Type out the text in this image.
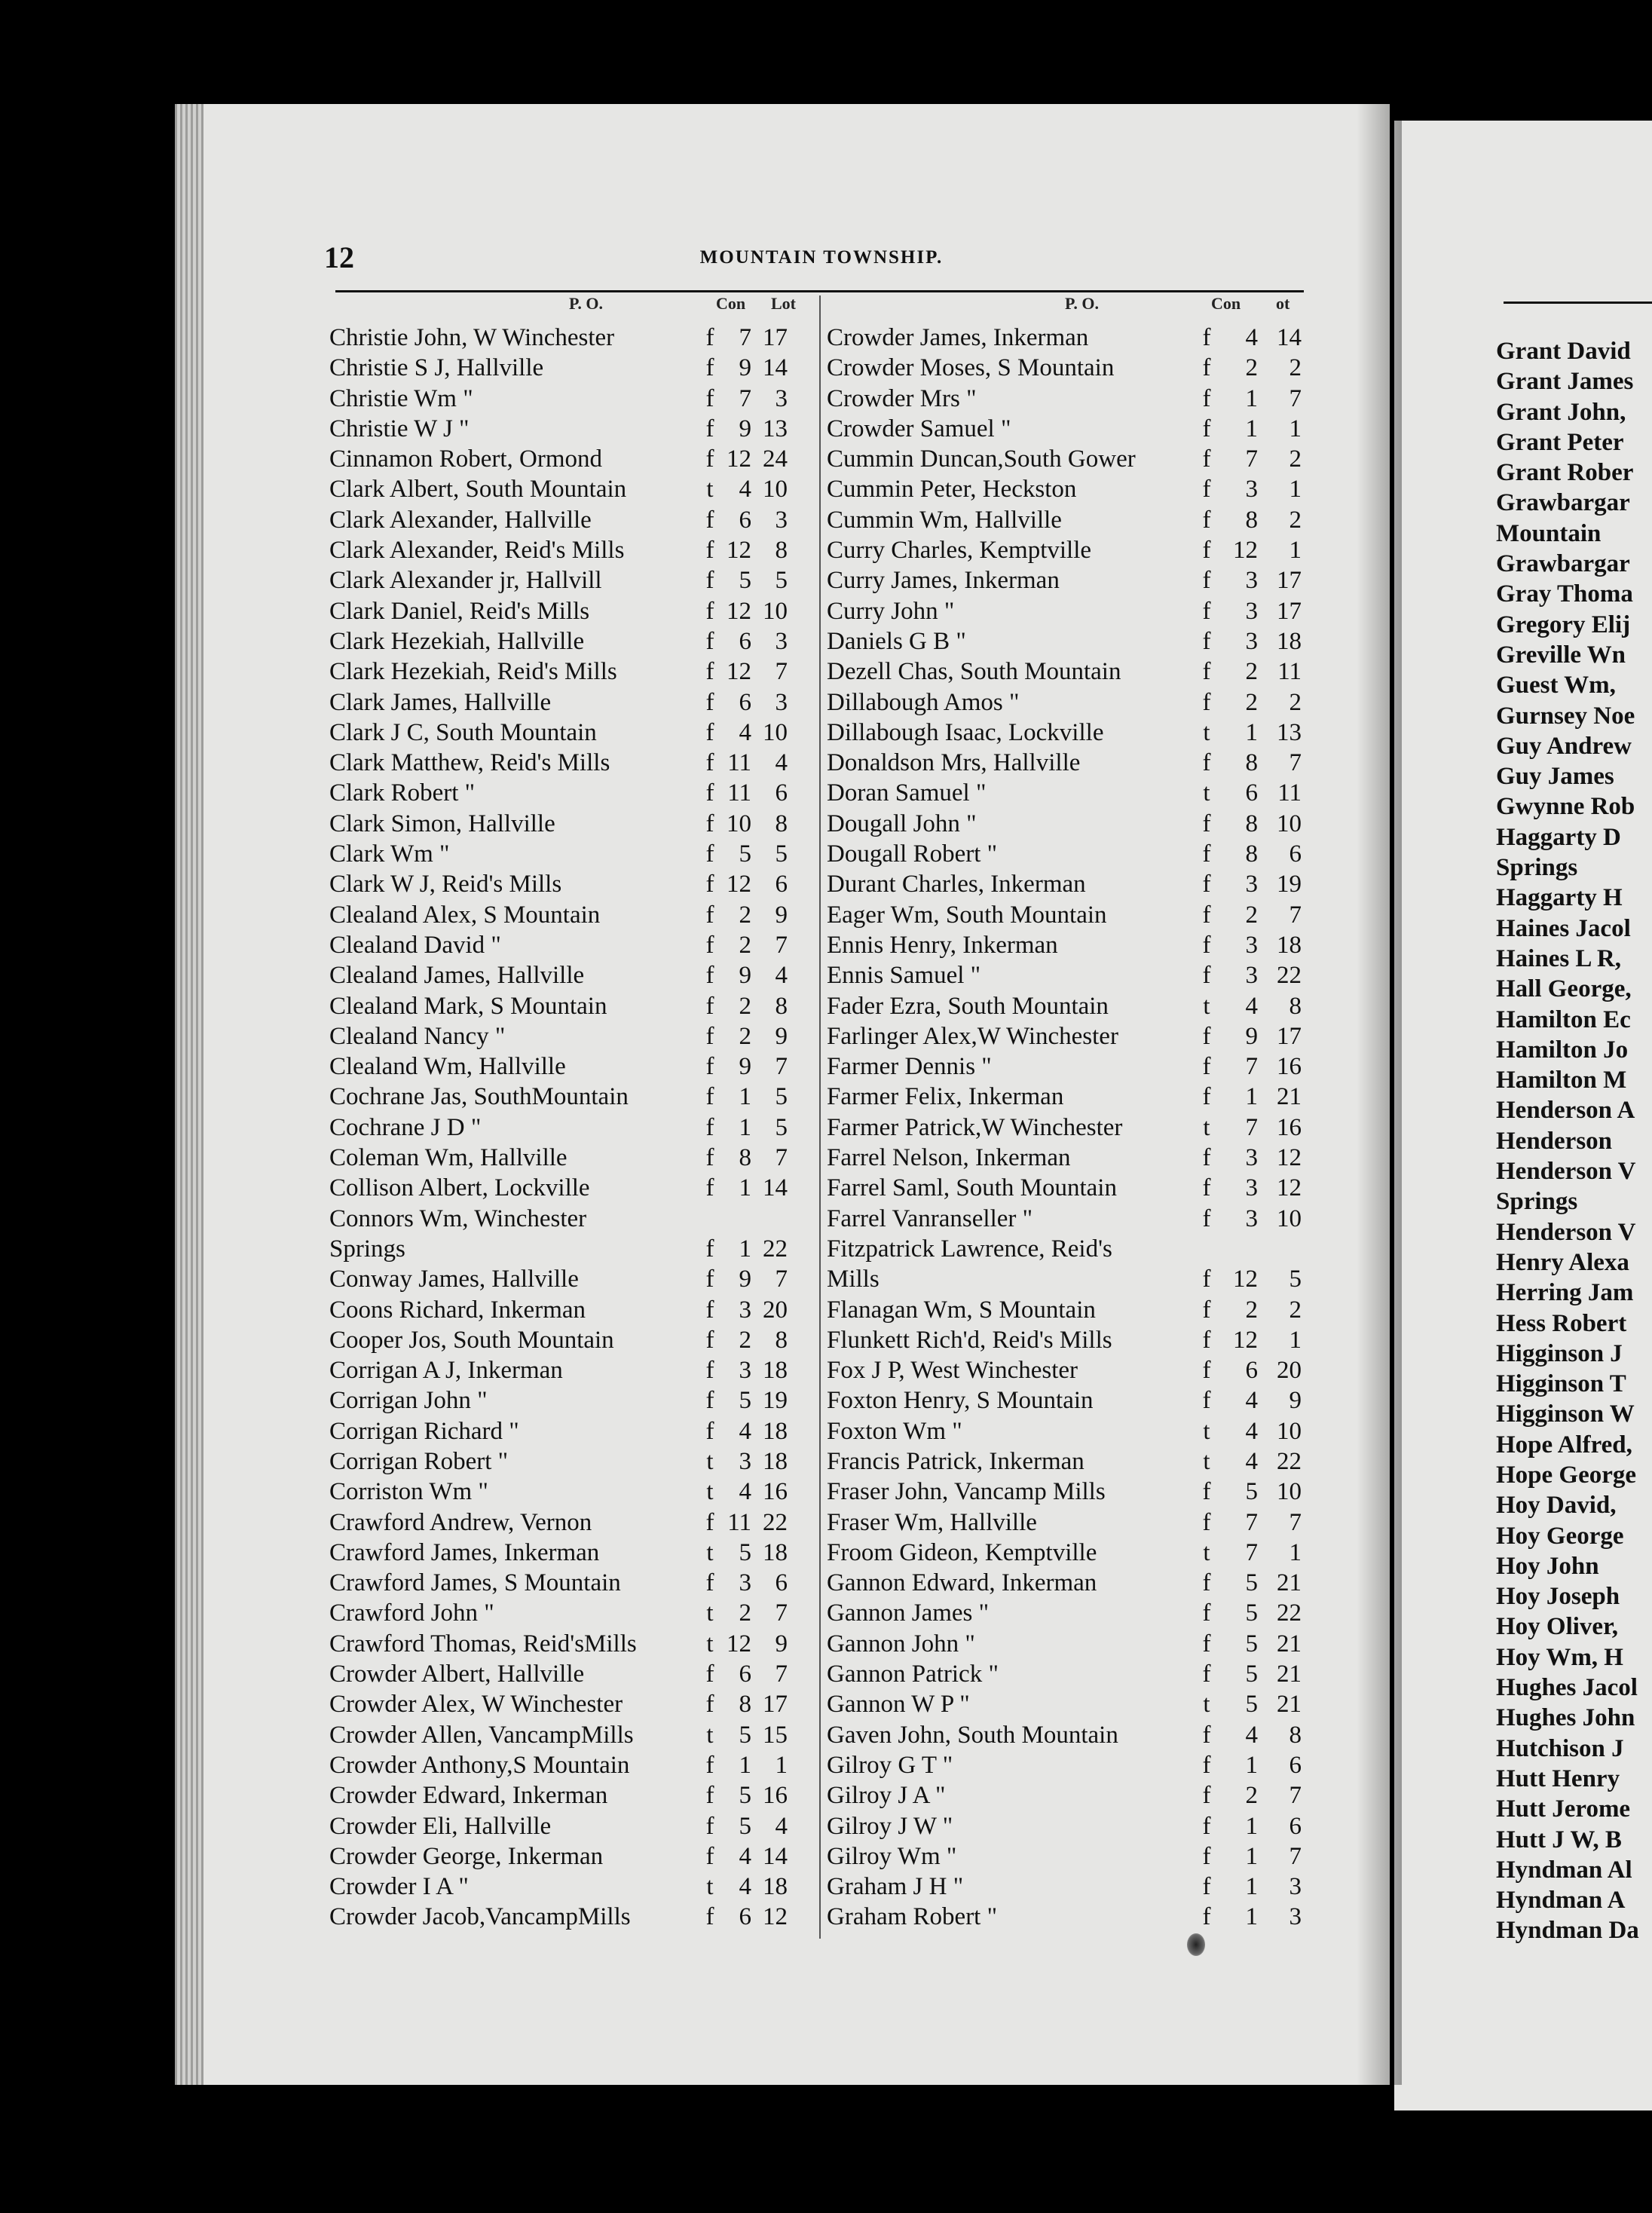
12	MOUNTAIN TOWNSHIP.
P. O.	Con Lot	P. O.	Con ot
Christie John, W Winchester	f	7 17
Christie S J, Hallville	f	9 14
Christie Wm "	f	7 3
Christie W J "	f	9 13
Cinnamon Robert, Ormond	f 12 24
Clark Albert, South Mountain	t	4 10
Clark Alexander, Hallville	f	6 3
Clark Alexander, Reid's Mills	f 12 8
Clark Alexander jr, Hallvill	f	5 5
Clark Daniel, Reid's Mills	f 12 10
Clark Hezekiah, Hallville	f	6 3
Clark Hezekiah, Reid's Mills	f 12 7
Clark James, Hallville	f	6 3
Clark J C, South Mountain	f	4 10
Clark Matthew, Reid's Mills	f 11 4
Clark Robert "	f 11 6
Clark Simon, Hallville	f 10 8
Clark Wm "	f	5 5
Clark W J, Reid's Mills	f 12 6
Clealand Alex, S Mountain	f	2 9
Clealand David "	f	2 7
Clealand James, Hallville	f	9 4
Clealand Mark, S Mountain	f	2 8
Clealand Nancy "	f	2 9
Clealand Wm, Hallville	f	9 7
Cochrane Jas, SouthMountain	f	1 5
Cochrane J D "	f	1 5
Coleman Wm, Hallville	f	8 7
Collison Albert, Lockville	f	1 14
Connors Wm, Winchester
Springs	f	1 22
Conway James, Hallville	f	9 7
Coons Richard, Inkerman	f	3 20
Cooper Jos, South Mountain	f	2 8
Corrigan A J, Inkerman	f	3 18
Corrigan John "	f	5 19
Corrigan Richard "	f	4 18
Corrigan Robert "	t	3 18
Corriston Wm "	t	4 16
Crawford Andrew, Vernon	f 11 22
Crawford James, Inkerman	t	5 18
Crawford James, S Mountain	f	3 6
Crawford John "	t	2 7
Crawford Thomas, Reid'sMills	t 12 9
Crowder Albert, Hallville	f	6 7
Crowder Alex, W Winchester	f	8 17
Crowder Allen, VancampMills	t	5 15
Crowder Anthony,S Mountain	f	1 1
Crowder Edward, Inkerman	f	5 16
Crowder Eli, Hallville	f	5 4
Crowder George, Inkerman	f	4 14
Crowder I A "	t	4 18
Crowder Jacob,VancampMills	f	6 12
Crowder James, Inkerman	f	4 14
Crowder Moses, S Mountain	f	2	2
Crowder Mrs "	f	1	7
Crowder Samuel "	f	1	1
Cummin Duncan,South Gower	f	7	2
Cummin Peter, Heckston	f	3	1
Cummin Wm, Hallville	f	8	2
Curry Charles, Kemptville	f 12	1
Curry James, Inkerman	f	3 17
Curry John "	f	3 17
Daniels G B "	f	3 18
Dezell Chas, South Mountain	f	2 11
Dillabough Amos "	f	2	2
Dillabough Isaac, Lockville	t	1 13
Donaldson Mrs, Hallville	f	8	7
Doran Samuel "	t	6 11
Dougall John "	f	8 10
Dougall Robert "	f	8	6
Durant Charles, Inkerman	f	3 19
Eager Wm, South Mountain	f	2	7
Ennis Henry, Inkerman	f	3 18
Ennis Samuel "	f	3 22
Fader Ezra, South Mountain	t	4	8
Farlinger Alex,W Winchester	f	9 17
Farmer Dennis "	f	7 16
Farmer Felix, Inkerman	f	1 21
Farmer Patrick,W Winchester	t	7 16
Farrel Nelson, Inkerman	f	3 12
Farrel Saml, South Mountain	f	3 12
Farrel Vanranseller "	f	3 10
Fitzpatrick Lawrence, Reid's
Mills	f 12	5
Flanagan Wm, S Mountain	f	2	2
Flunkett Rich'd, Reid's Mills	f 12	1
Fox J P, West Winchester	f	6 20
Foxton Henry, S Mountain	f	4	9
Foxton Wm "	t	4 10
Francis Patrick, Inkerman	t	4 22
Fraser John, Vancamp Mills	f	5 10
Fraser Wm, Hallville	f	7	7
Froom Gideon, Kemptville	t	7	1
Gannon Edward, Inkerman	f	5 21
Gannon James "	f	5 22
Gannon John "	f	5 21
Gannon Patrick "	f	5 21
Gannon W P "	t	5 21
Gaven John, South Mountain	f	4	8
Gilroy G T "	f	1	6
Gilroy J A "	f	2	7
Gilroy J W "	f	1	6
Gilroy Wm "	f	1	7
Graham J H "	f	1	3
Graham Robert "	f	1	3
Grant David
Grant James
Grant John,
Grant Peter
Grant Rober
Grawbargar
Mountain
Grawbargar
Gray Thoma
Gregory Elij
Greville Wn
Guest Wm,
Gurnsey Noe
Guy Andrew
Guy James
Gwynne Rob
Haggarty D
Springs
Haggarty H
Haines Jacol
Haines L R,
Hall George,
Hamilton Ec
Hamilton Jo
Hamilton M
Henderson A
Henderson
Henderson V
Springs
Henderson V
Henry Alexa
Herring Jam
Hess Robert
Higginson J
Higginson T
Higginson W
Hope Alfred,
Hope George
Hoy David,
Hoy George
Hoy John
Hoy Joseph
Hoy Oliver,
Hoy Wm, H
Hughes Jacol
Hughes John
Hutchison J
Hutt Henry
Hutt Jerome
Hutt J W, B
Hyndman Al
Hyndman A
Hyndman Da
